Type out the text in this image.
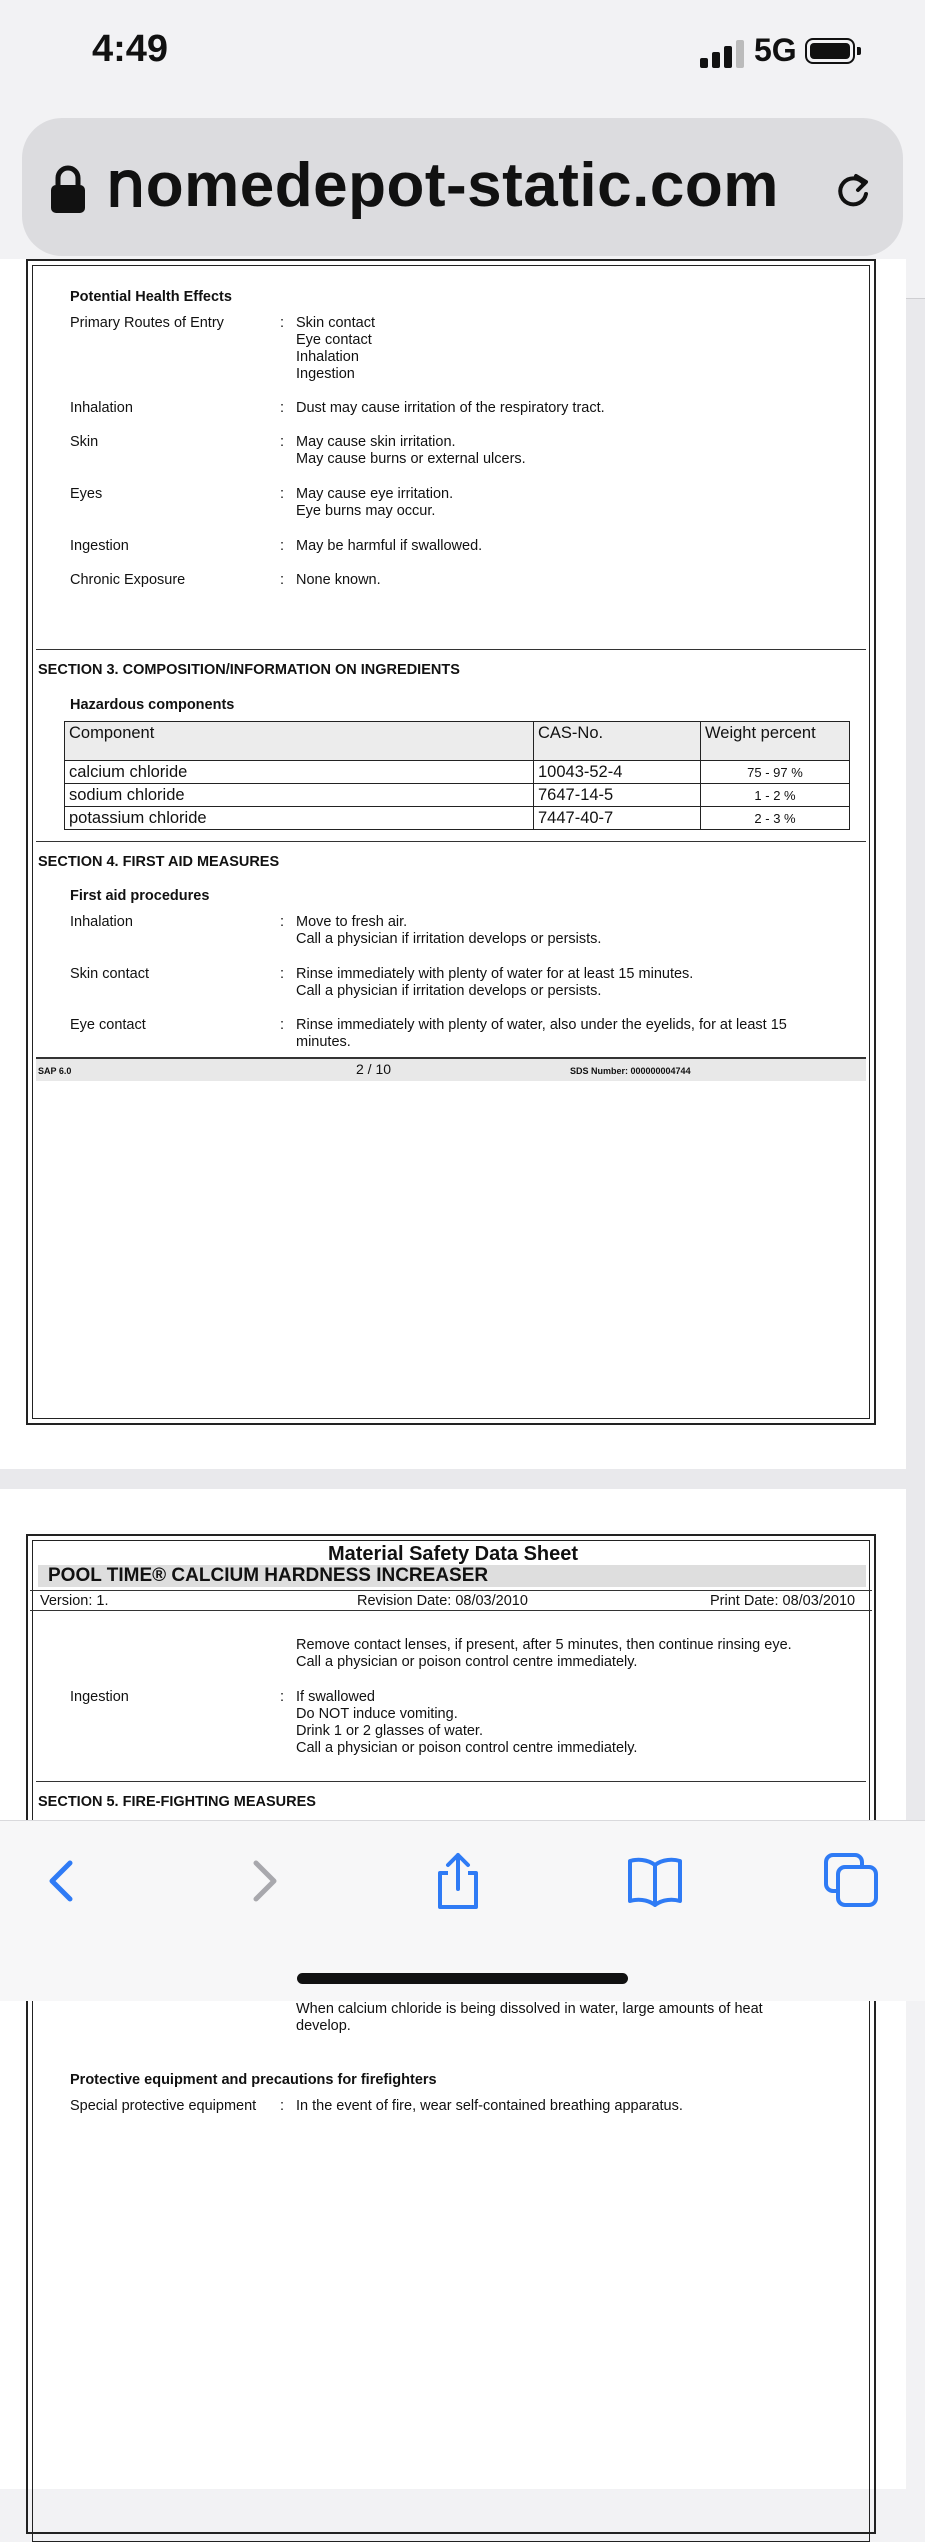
4:49	5G
ոomedepot-static.com
Potential Health Effects
Primary Routes of Entry	: Skin contact
Eye contact
Inhalation
Ingestion
Inhalation	: Dust may cause irritation of the respiratory tract.
Skin	: May cause skin irritation.
May cause burns or external ulcers.
Eyes	: May cause eye irritation.
Eye burns may occur.
Ingestion	: May be harmful if swallowed.
Chronic Exposure	: None known.
SECTION 3. COMPOSITION/INFORMATION ON INGREDIENTS
Hazardous components
Component	CAS-No.	Weight percent
calcium chloride	10043-52-4	75 - 97 %
sodium chloride	7647-14-5	1 - 2 %
potassium chloride	7447-40-7	2 - 3 %
SECTION 4. FIRST AID MEASURES
First aid procedures
Inhalation	: Move to fresh air.
Call a physician if irritation develops or persists.
Skin contact	: Rinse immediately with plenty of water for at least 15 minutes.
Call a physician if irritation develops or persists.
Eye contact	: Rinse immediately with plenty of water, also under the eyelids, for at least 15
minutes.
SAP 6.0	2 / 10	SDS Number: 000000004744
Material Safety Data Sheet
POOL TIME® CALCIUM HARDNESS INCREASER
Version: 1.	Revision Date: 08/03/2010	Print Date: 08/03/2010
Remove contact lenses, if present, after 5 minutes, then continue rinsing eye.
Call a physician or poison control centre immediately.
Ingestion	: If swallowed
Do NOT induce vomiting.
Drink 1 or 2 glasses of water.
Call a physician or poison control centre immediately.
SECTION 5. FIRE-FIGHTING MEASURES
When calcium chloride is being dissolved in water, large amounts of heat
develop.
Protective equipment and precautions for firefighters
Special protective equipment : In the event of fire, wear self-contained breathing apparatus.
